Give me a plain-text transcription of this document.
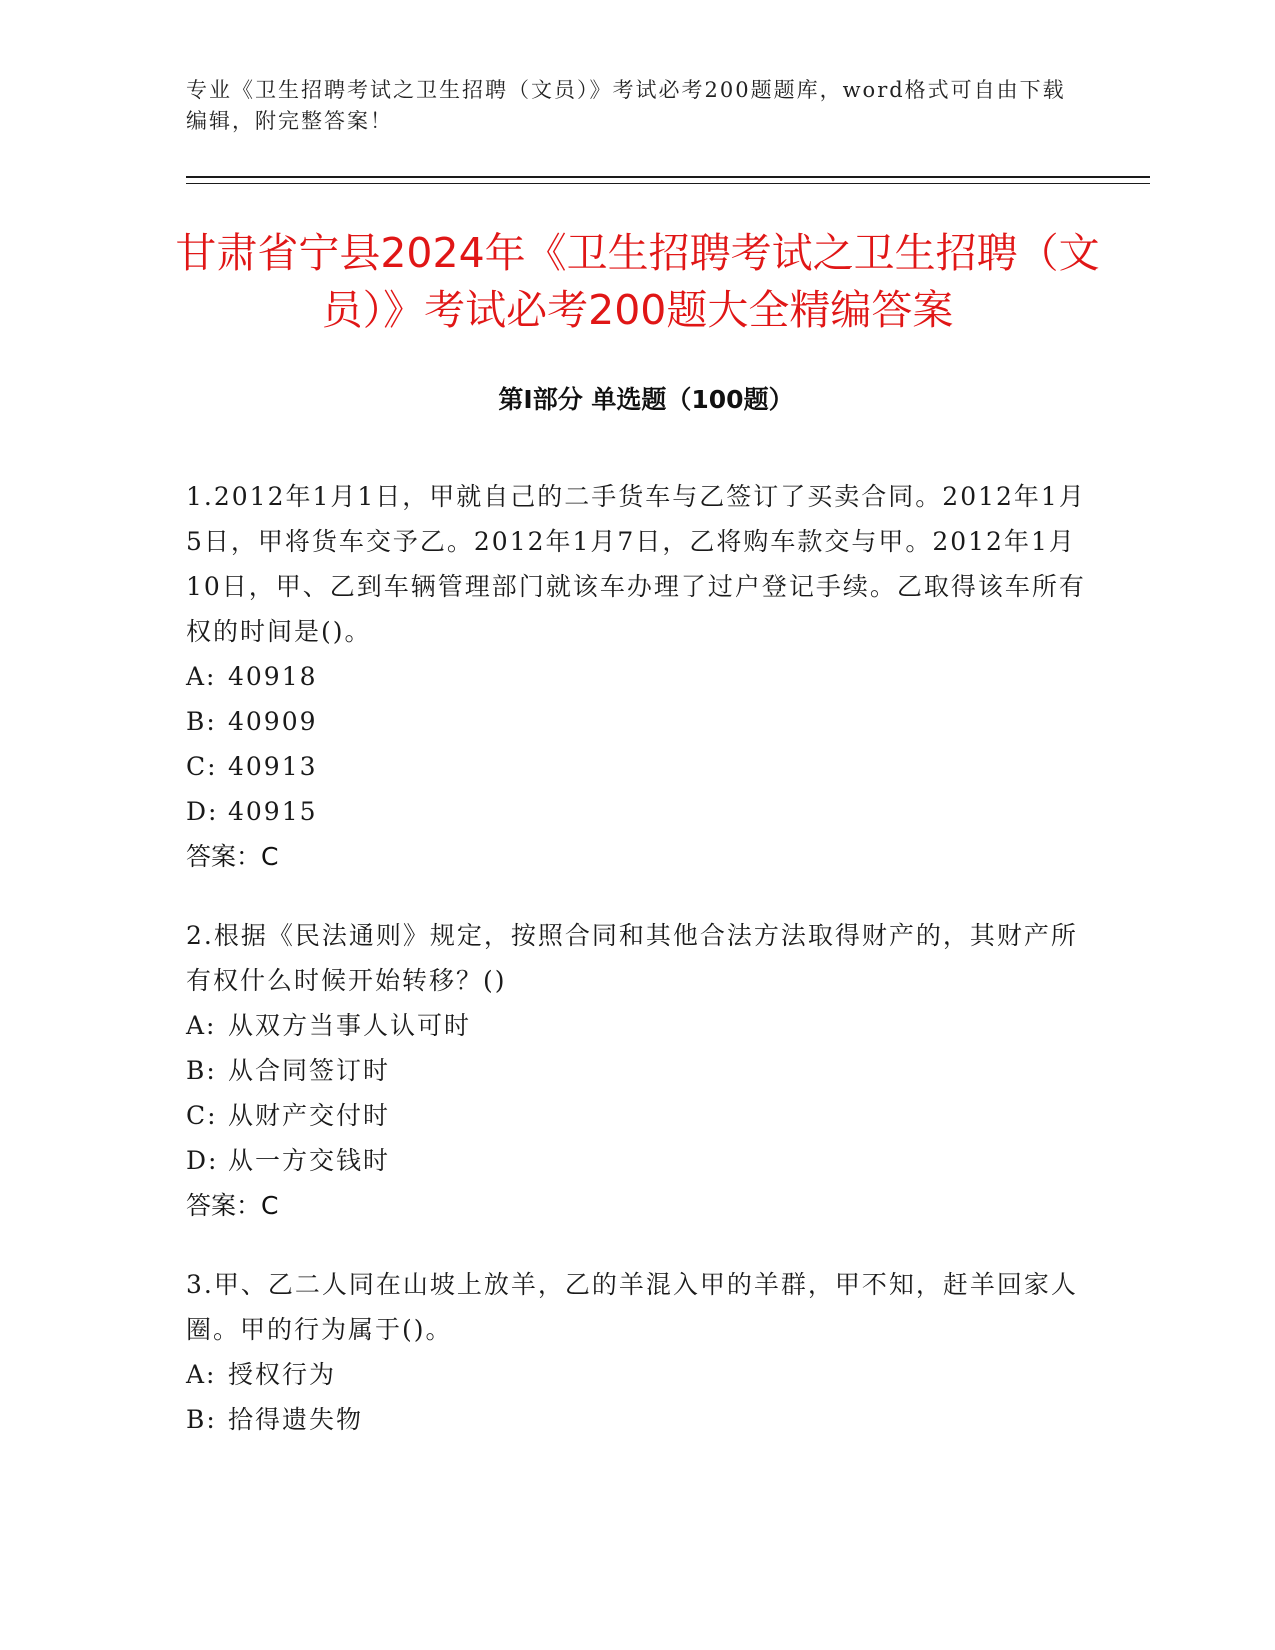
专业《卫生招聘考试之卫生招聘（文员）》考试必考200题题库，word格式可自由下载编辑，附完整答案！
甘肃省宁县2024年《卫生招聘考试之卫生招聘（文员）》考试必考200题大全精编答案
第Ⅰ部分 单选题（100题）

1.2012年1月1日，甲就自己的二手货车与乙签订了买卖合同。2012年1月5日，甲将货车交予乙。2012年1月7日，乙将购车款交与甲。2012年1月10日，甲、乙到车辆管理部门就该车办理了过户登记手续。乙取得该车所有权的时间是()。

A: 40918
B: 40909
C: 40913
D: 40915
答案：C

2.根据《民法通则》规定，按照合同和其他合法方法取得财产的，其财产所有权什么时候开始转移？()

A: 从双方当事人认可时
B: 从合同签订时
C: 从财产交付时
D: 从一方交钱时
答案：C

3.甲、乙二人同在山坡上放羊，乙的羊混入甲的羊群，甲不知，赶羊回家人圈。甲的行为属于()。

A: 授权行为
B: 拾得遗失物
